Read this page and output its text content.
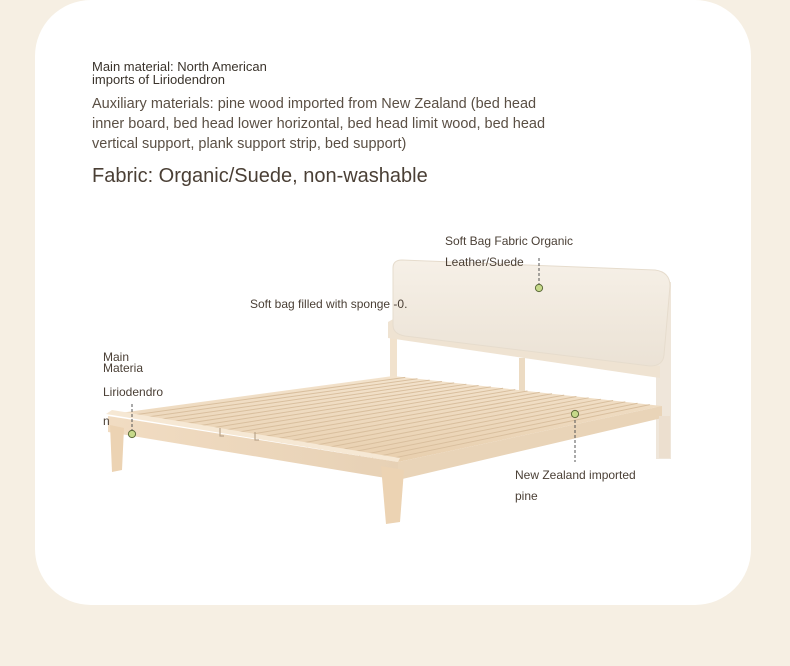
Main material: North American imports of Liriodendron
Auxiliary materials: pine wood imported from New Zealand (bed head inner board, bed head lower horizontal, bed head limit wood, bed head vertical support, plank support strip, bed support)
Fabric: Organic/Suede, non-washable
Soft Bag Fabric Organic
Leather/Suede
Soft bag filled with sponge -0.
New Zealand imported
pine
Main
Materia
Liriodendro
n
